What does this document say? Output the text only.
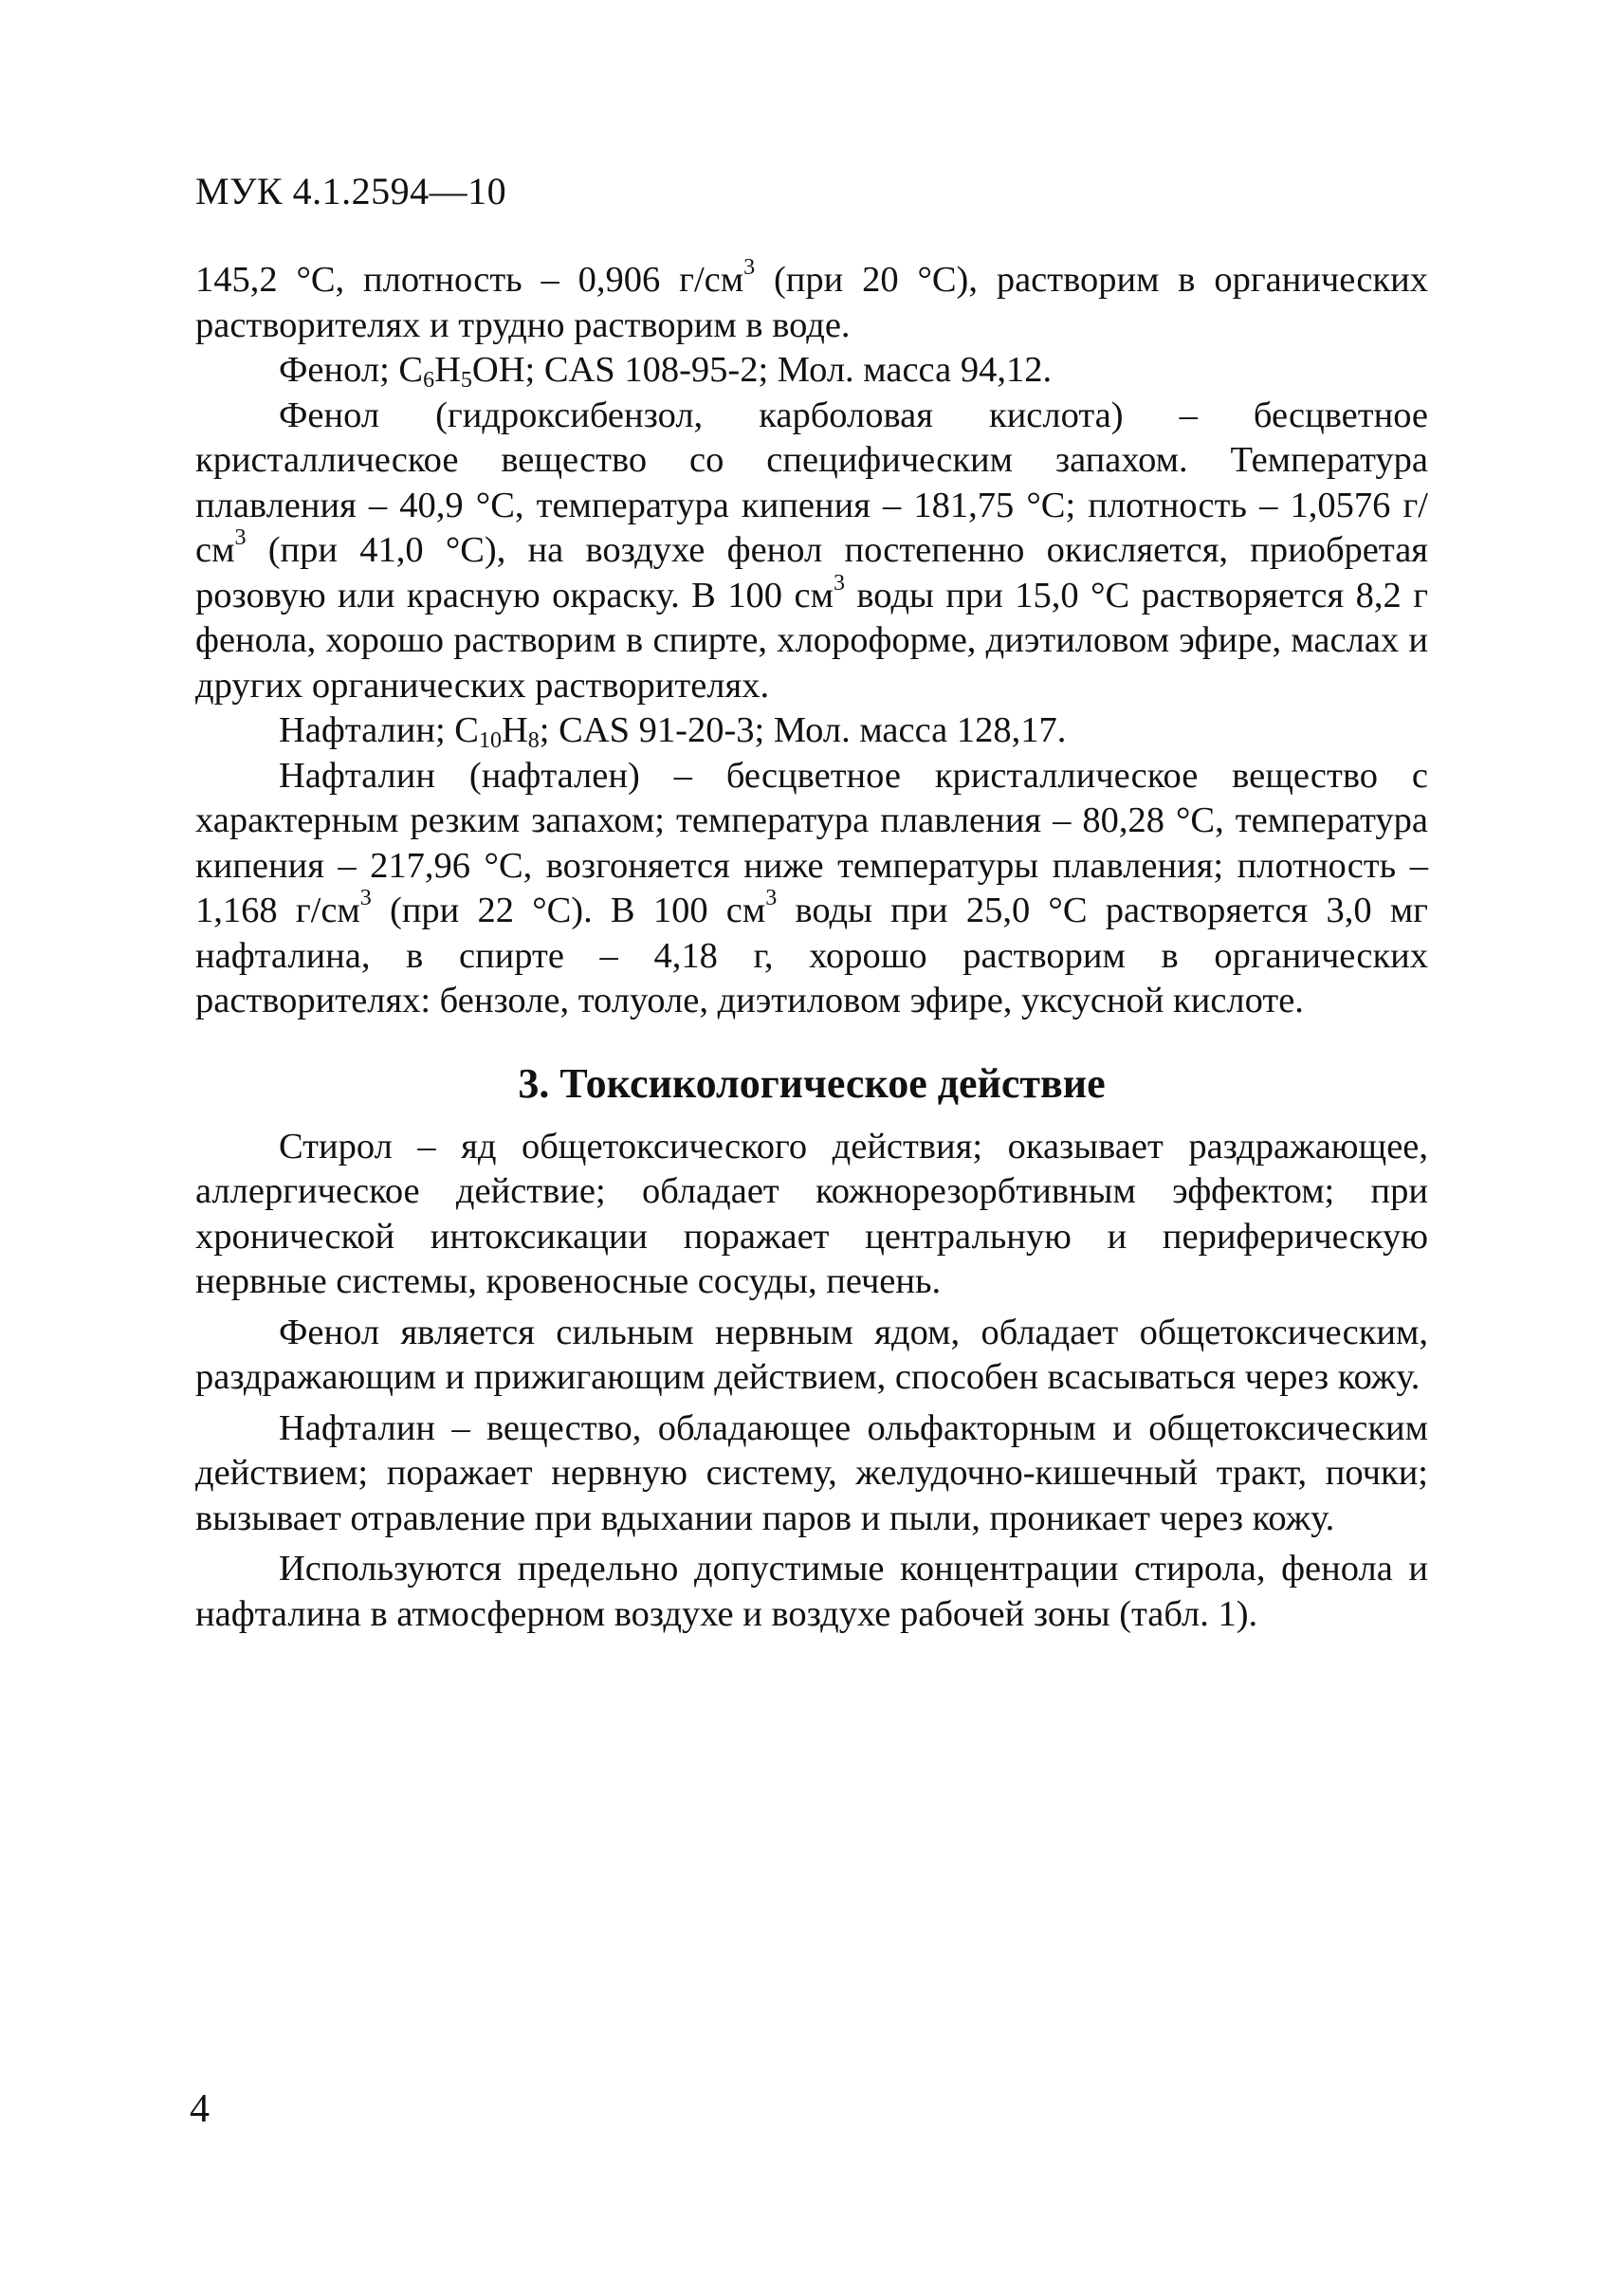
МУК 4.1.2594—10

145,2 °С, плотность – 0,906 $г/см^3$ (при 20 °С), растворим в органических растворителях и трудно растворим в воде.

Фенол; $C_6H_5OH$; CAS 108-95-2; Мол. масса 94,12.

Фенол (гидроксибензол, карболовая кислота) – бесцветное кристаллическое вещество со специфическим запахом. Температура плавления – 40,9 °С, температура кипения – 181,75 °С; плотность – 1,0576 $г/см^3$ (при 41,0 °С), на воздухе фенол постепенно окисляется, приобретая розовую или красную окраску. В 100 $см^3$ воды при 15,0 °С растворяется 8,2 г фенола, хорошо растворим в спирте, хлороформе, диэтиловом эфире, маслах и других органических растворителях.

Нафталин; $C_{10}H_8$; CAS 91-20-3; Мол. масса 128,17.

Нафталин (нафтален) – бесцветное кристаллическое вещество с характерным резким запахом; температура плавления – 80,28 °С, температура кипения – 217,96 °С, возгоняется ниже температуры плавления; плотность – 1,168 $г/см^3$ (при 22 °С). В 100 $см^3$ воды при 25,0 °С растворяется 3,0 мг нафталина, в спирте – 4,18 г, хорошо растворим в органических растворителях: бензоле, толуоле, диэтиловом эфире, уксусной кислоте.

3. Токсикологическое действие

Стирол – яд общетоксического действия; оказывает раздражающее, аллергическое действие; обладает кожнорезорбтивным эффектом; при хронической интоксикации поражает центральную и периферическую нервные системы, кровеносные сосуды, печень.

Фенол является сильным нервным ядом, обладает общетоксическим, раздражающим и прижигающим действием, способен всасываться через кожу.

Нафталин – вещество, обладающее ольфакторным и общетоксическим действием; поражает нервную систему, желудочно-кишечный тракт, почки; вызывает отравление при вдыхании паров и пыли, проникает через кожу.

Используются предельно допустимые концентрации стирола, фенола и нафталина в атмосферном воздухе и воздухе рабочей зоны (табл. 1).

4
